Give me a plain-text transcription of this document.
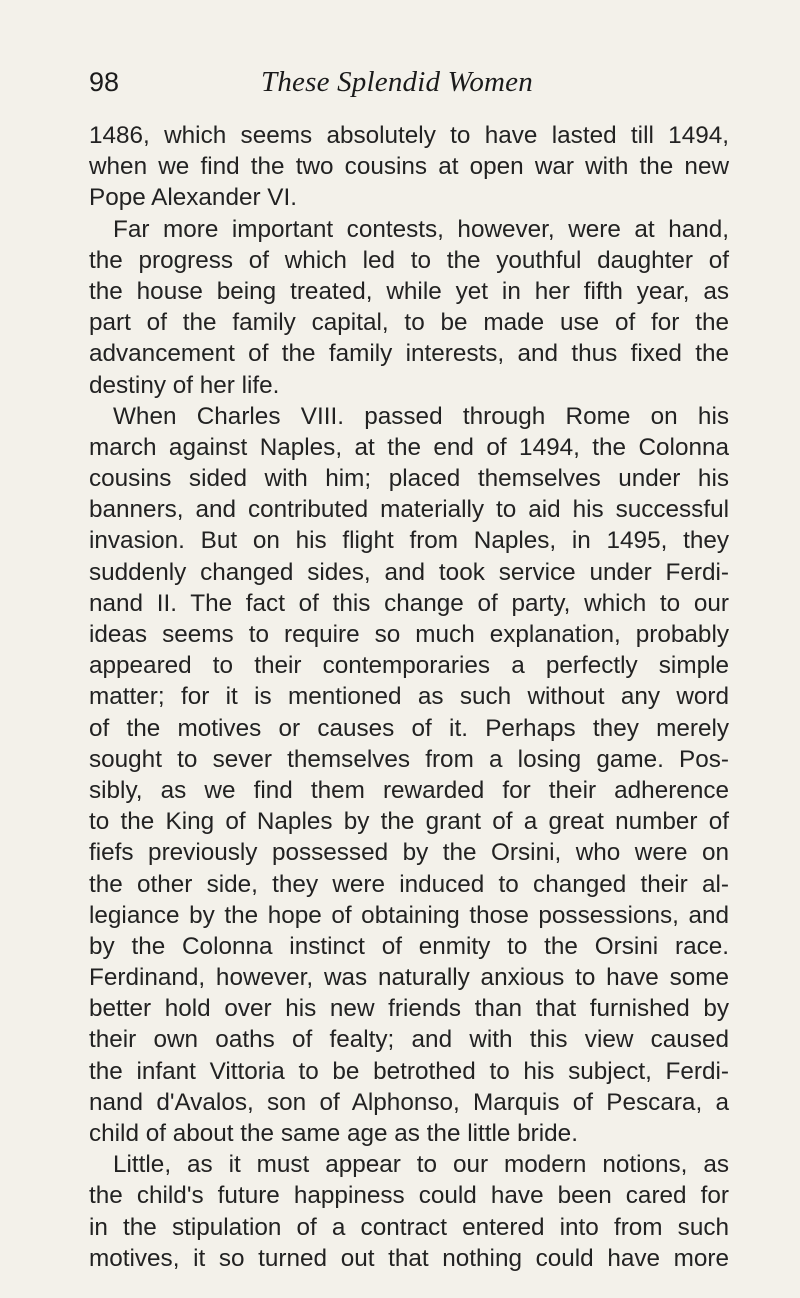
98	These Splendid Women
1486, which seems absolutely to have lasted till 1494,
when we find the two cousins at open war with the new
Pope Alexander VI.
Far more important contests, however, were at hand,
the progress of which led to the youthful daughter of
the house being treated, while yet in her fifth year, as
part of the family capital, to be made use of for the
advancement of the family interests, and thus fixed the
destiny of her life.
When Charles VIII. passed through Rome on his
march against Naples, at the end of 1494, the Colonna
cousins sided with him; placed themselves under his
banners, and contributed materially to aid his successful
invasion. But on his flight from Naples, in 1495, they
suddenly changed sides, and took service under Ferdi-
nand II. The fact of this change of party, which to our
ideas seems to require so much explanation, probably
appeared to their contemporaries a perfectly simple
matter; for it is mentioned as such without any word
of the motives or causes of it. Perhaps they merely
sought to sever themselves from a losing game. Pos-
sibly, as we find them rewarded for their adherence
to the King of Naples by the grant of a great number of
fiefs previously possessed by the Orsini, who were on
the other side, they were induced to changed their al-
legiance by the hope of obtaining those possessions, and
by the Colonna instinct of enmity to the Orsini race.
Ferdinand, however, was naturally anxious to have some
better hold over his new friends than that furnished by
their own oaths of fealty; and with this view caused
the infant Vittoria to be betrothed to his subject, Ferdi-
nand d'Avalos, son of Alphonso, Marquis of Pescara, a
child of about the same age as the little bride.
Little, as it must appear to our modern notions, as
the child's future happiness could have been cared for
in the stipulation of a contract entered into from such
motives, it so turned out that nothing could have more
